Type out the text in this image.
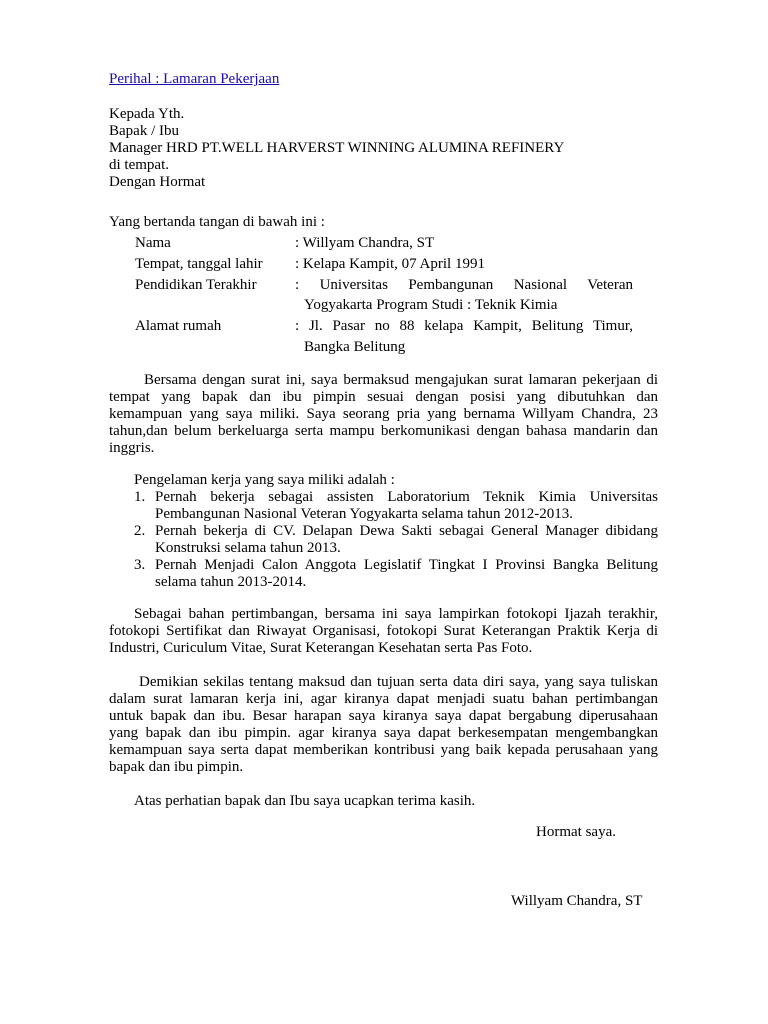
Perihal : Lamaran Pekerjaan
Kepada Yth.
Bapak / Ibu
Manager HRD PT.WELL HARVERST WINNING ALUMINA REFINERY
di tempat.
Dengan Hormat
Yang bertanda tangan di bawah ini :
Nama	: Willyam Chandra, ST
Tempat, tanggal lahir : Kelapa Kampit, 07 April 1991
Pendidikan Terakhir	: Universitas Pembangunan Nasional Veteran
Yogyakarta Program Studi : Teknik Kimia
Alamat rumah	: Jl. Pasar no 88 kelapa Kampit, Belitung Timur,
Bangka Belitung
Bersama dengan surat ini, saya bermaksud mengajukan surat lamaran pekerjaan di
tempat yang bapak dan ibu pimpin sesuai dengan posisi yang dibutuhkan dan
kemampuan yang saya miliki. Saya seorang pria yang bernama Willyam Chandra, 23
tahun,dan belum berkeluarga serta mampu berkomunikasi dengan bahasa mandarin dan
inggris.
Pengelaman kerja yang saya miliki adalah :
1. Pernah bekerja sebagai assisten Laboratorium Teknik Kimia Universitas
Pembangunan Nasional Veteran Yogyakarta selama tahun 2012-2013.
2. Pernah bekerja di CV. Delapan Dewa Sakti sebagai General Manager dibidang
Konstruksi selama tahun 2013.
3. Pernah Menjadi Calon Anggota Legislatif Tingkat I Provinsi Bangka Belitung
selama tahun 2013-2014.
Sebagai bahan pertimbangan, bersama ini saya lampirkan fotokopi Ijazah terakhir,
fotokopi Sertifikat dan Riwayat Organisasi, fotokopi Surat Keterangan Praktik Kerja di
Industri, Curiculum Vitae, Surat Keterangan Kesehatan serta Pas Foto.
Demikian sekilas tentang maksud dan tujuan serta data diri saya, yang saya tuliskan
dalam surat lamaran kerja ini, agar kiranya dapat menjadi suatu bahan pertimbangan
untuk bapak dan ibu. Besar harapan saya kiranya saya dapat bergabung diperusahaan
yang bapak dan ibu pimpin. agar kiranya saya dapat berkesempatan mengembangkan
kemampuan saya serta dapat memberikan kontribusi yang baik kepada perusahaan yang
bapak dan ibu pimpin.
Atas perhatian bapak dan Ibu saya ucapkan terima kasih.
Hormat saya.
Willyam Chandra, ST
